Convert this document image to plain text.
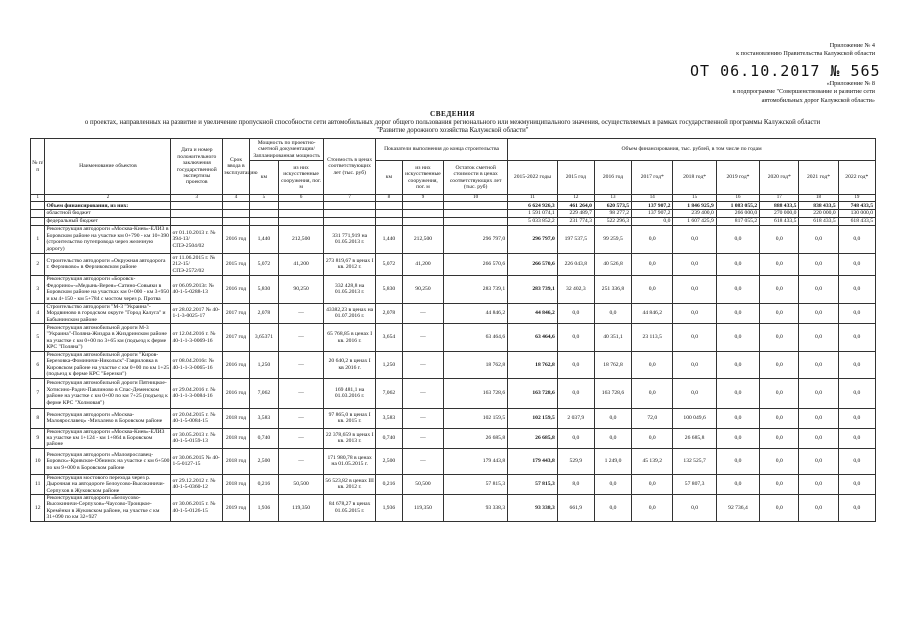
Приложение № 4
к постановлению Правительства Калужской области
ОТ 06.10.2017 № 565
«Приложение № 8
к подпрограмме "Совершенствование и развитие сети
автомобильных дорог Калужской области»
СВЕДЕНИЯ
о проектах, направленных на развитие и увеличение пропускной способности сети автомобильных дорог общего пользования регионального или межмуниципального значения, осуществляемых в рамках государственной программы Калужской области
"Развитие дорожного хозяйства Калужской области"
№ п/п	Наименование объектов	Дата и номер положительного заключения государственной экспертизы проектов	Срок ввода в эксплуатацию	Мощность по проектно-сметной документации/Запланированная мощность		Стоимость в ценах соответствующих лет (тыс. руб)	Показатели выполнения до конца строительства			Объем финансирования, тыс. рублей, в том числе по годам								
				км	из них искусственные сооружения, пог. м		км	из них искусственные сооружения, пог. м	Остаток сметной стоимости в ценах соответствующих лет (тыс. руб)	2015-2022 годы	2015 год	2016 год	2017 год*	2018 год*	2019 год*	2020 год*	2021 год*	2022 год*
1	2	3	4	5	6	7	8	9	10	11	12	13	14	15	16	17	18	19
	Объем финансирования, из них:									6 624 926,3	461 264,0	620 573,5	137 907,2	1 846 925,9	1 083 055,2	888 433,5	838 433,5	748 433,5
	областной бюджет									1 591 074,1	229 489,7	98 277,2	137 907,2	239 400,0	266 000,0	270 000,0	220 000,0	130 000,0
	федеральный бюджет									5 033 852,2	231 774,3	522 296,3	0,0	1 607 425,9	817 055,2	618 433,5	618 433,5	618 433,5
1	Реконструкция автодороги «Москва-Киев»-ЕЛИЗ в Боровском районе на участке км 0+790 - км 10+390 (строительство путепровода через железную дорогу)	от 01.10.2013 г. № 394-13/СПЭ-2504/02	2016 год	1,440	212,500	331 771,919 на 01.05.2013 г.	1,440	212,500	296 797,0	296 797,0	197 537,5	99 259,5	0,0	0,0	0,0	0,0	0,0	0,0
2	Строительство автодороги «Окружная автодорога г. Ферзиково» в Ферзиковском районе	от 11.06.2015 г. № 212-15/СПЭ-2572/02	2015 год	5,072	41,200	273 819,67 в ценах I кв. 2012 г.	5,072	41,200	266 570,6	266 570,6	226 043,8	40 526,8	0,0	0,0	0,0	0,0	0,0	0,0
3	Реконструкция автодороги «Боровск-Федорино»-«Медынь-Верея»-Сатино-Совьяки в Боровском районе на участках км 0+000 - км 3+950 и км 4+150 - км 5+784 с мостом через р. Протва	от 06.09.2013г. № 40-1-5-0288-13	2016 год	5,830	90,250	332 428,8 на 01.05.2013 г.	5,830	90,250	283 739,1	283 739,1	32 402,3	251 336,8	0,0	0,0	0,0	0,0	0,0	0,0
4	Строительство автодороги "М-3 "Украина"-Мордвиново в городском округе "Город Калуга" и Бабынинском районе	от 28.02.2017 № 40-1-1-3-0025-17	2017 год	2,078	—	43382,23 в ценах на 01.07.2016 г.	2,078	—	44 846,2	44 846,2	0,0	0,0	44 846,2	0,0	0,0	0,0	0,0	0,0
5	Реконструкция автомобильной дороги М-3 "Украина"-Поляна-Жиздра в Жиздринском районе на участке с км 0+00 по 3+65 км (подъезд к ферме КРС "Поляна")	от 12.04.2016 г. № 40-1-1-3-0069-16	2017 год	3,65371	—	65 768,85 в ценах I кв. 2016 г.	3,654	—	63 464,6	63 464,6	0,0	40 351,1	23 113,5	0,0	0,0	0,0	0,0	0,0
6	Реконструкция автомобильной дороги "Киров-Березовка-Фоминичи-Никольск"-Гавриловка в Кировском районе на участке с км 0+00 по км 1+25 (подъезд к ферме КРС "Березки")	от 08.04.2016г. № 40-1-1-3-0065-16	2016 год	1,250	—	20 640,2 в ценах I кв 2016 г.	1,250	—	18 762,8	18 762,8	0,0	18 762,8	0,0	0,0	0,0	0,0	0,0	0,0
7	Реконструкция автомобильной дороги Пятницкое-Хотисино-Радич-Павлиново в Спас-Деменском районе на участке с км 0+00 по км 7+25 (подъезд к ферме КРС "Холмовая")	от 29.04.2016 г. № 40-1-1-3-0084-16	2016 год	7,062	—	169 481,1 на 01.03.2016 г.	7,062	—	163 728,6	163 728,6	0,0	163 728,6	0,0	0,0	0,0	0,0	0,0	0,0
8	Реконструкция автодороги «Москва-Малоярославец» -Михалево в Боровском районе	от 20.04.2015 г. № 40-1-5-0084-15	2018 год	3,583	—	97 865,0 в ценах I кв. 2015 г.	3,583	—	102 159,5	102 159,5	2 037,9	0,0	72,0	100 049,6	0,0	0,0	0,0	0,0
9	Реконструкция автодороги «Москва-Киев»-ЕЛИЗ на участке км 1+124 - км 1+864 в Боровском районе	от 30.05.2013 г. № 40-1-5-0159-13	2018 год	0,740	—	22 378,659 в ценах I кв. 2013 г.	0,740	—	26 685,8	26 685,8	0,0	0,0	0,0	26 685,8	0,0	0,0	0,0	0,0
10	Реконструкция автодороги «Малоярославец-Боровск»-Кривское-Обнинск на участке с км 6+500 по км 9+000 в Боровском районе	от 30.06.2015 № 40-1-5-0127-15	2018 год	2,500	—	171 980,78 в ценах на 01.05.2015 г.	2,500	—	179 443,8	179 443,8	529,9	1 249,0	45 139,2	132 525,7	0,0	0,0	0,0	0,0
11	Реконструкция мостового перехода через р. Дырочная на автодороге Белоусово-Высокиничи-Серпухов в Жуковском районе	от 29.12.2012 г. № 40-1-5-0360-12	2018 год	0,216	50,500	56 523,82 в ценах III кв. 2012 г.	0,216	50,500	57 815,3	57 815,3	8,0	0,0	0,0	57 807,3	0,0	0,0	0,0	0,0
12	Реконструкция автодороги «Белоусово-Высокиничи-Серпухов»-Чаусово-Троицкое-Кремёнки в Жуковском районе, на участке с км 31+090 по км 32+927	от 30.06.2015 г. № 40-1-5-0126-15	2019 год	1,936	119,350	84 678,27 в ценах 01.05.2015 г.	1,936	119,350	93 338,3	93 338,3	661,9	0,0	0,0	0,0	92 736,4	0,0	0,0	0,0
